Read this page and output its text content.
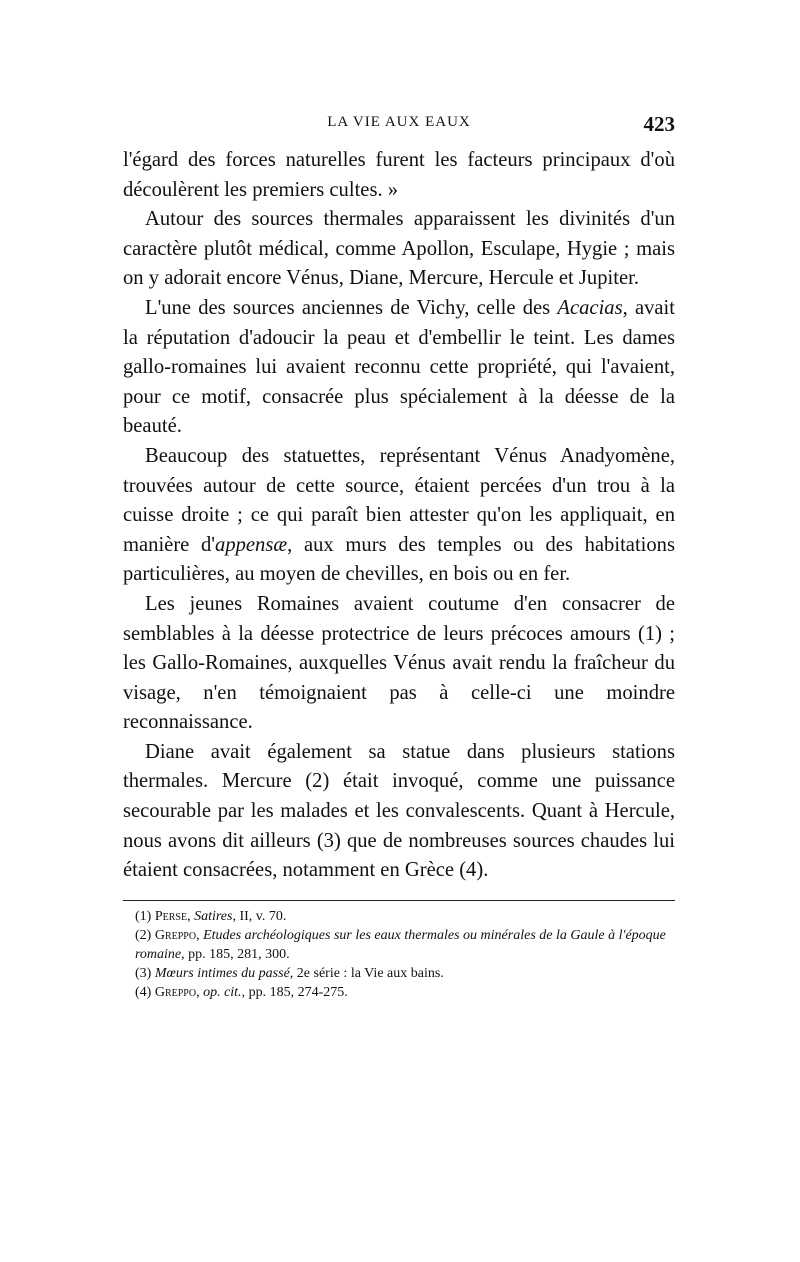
LA VIE AUX EAUX	423

l'égard des forces naturelles furent les facteurs principaux d'où découlèrent les premiers cultes. »

Autour des sources thermales apparaissent les divinités d'un caractère plutôt médical, comme Apollon, Esculape, Hygie ; mais on y adorait encore Vénus, Diane, Mercure, Hercule et Jupiter.

L'une des sources anciennes de Vichy, celle des Acacias, avait la réputation d'adoucir la peau et d'embellir le teint. Les dames gallo-romaines lui avaient reconnu cette propriété, qui l'avaient, pour ce motif, consacrée plus spécialement à la déesse de la beauté.

Beaucoup des statuettes, représentant Vénus Anadyomène, trouvées autour de cette source, étaient percées d'un trou à la cuisse droite ; ce qui paraît bien attester qu'on les appliquait, en manière d'appensæ, aux murs des temples ou des habitations particulières, au moyen de chevilles, en bois ou en fer.

Les jeunes Romaines avaient coutume d'en consacrer de semblables à la déesse protectrice de leurs précoces amours (1) ; les Gallo-Romaines, auxquelles Vénus avait rendu la fraîcheur du visage, n'en témoignaient pas à celle-ci une moindre reconnaissance.

Diane avait également sa statue dans plusieurs stations thermales. Mercure (2) était invoqué, comme une puissance secourable par les malades et les convalescents. Quant à Hercule, nous avons dit ailleurs (3) que de nombreuses sources chaudes lui étaient consacrées, notamment en Grèce (4).

(1) Perse, Satires, II, v. 70.
(2) Greppo, Etudes archéologiques sur les eaux thermales ou minérales de la Gaule à l'époque romaine, pp. 185, 281, 300.
(3) Mœurs intimes du passé, 2e série : la Vie aux bains.
(4) Greppo, op. cit., pp. 185, 274-275.
